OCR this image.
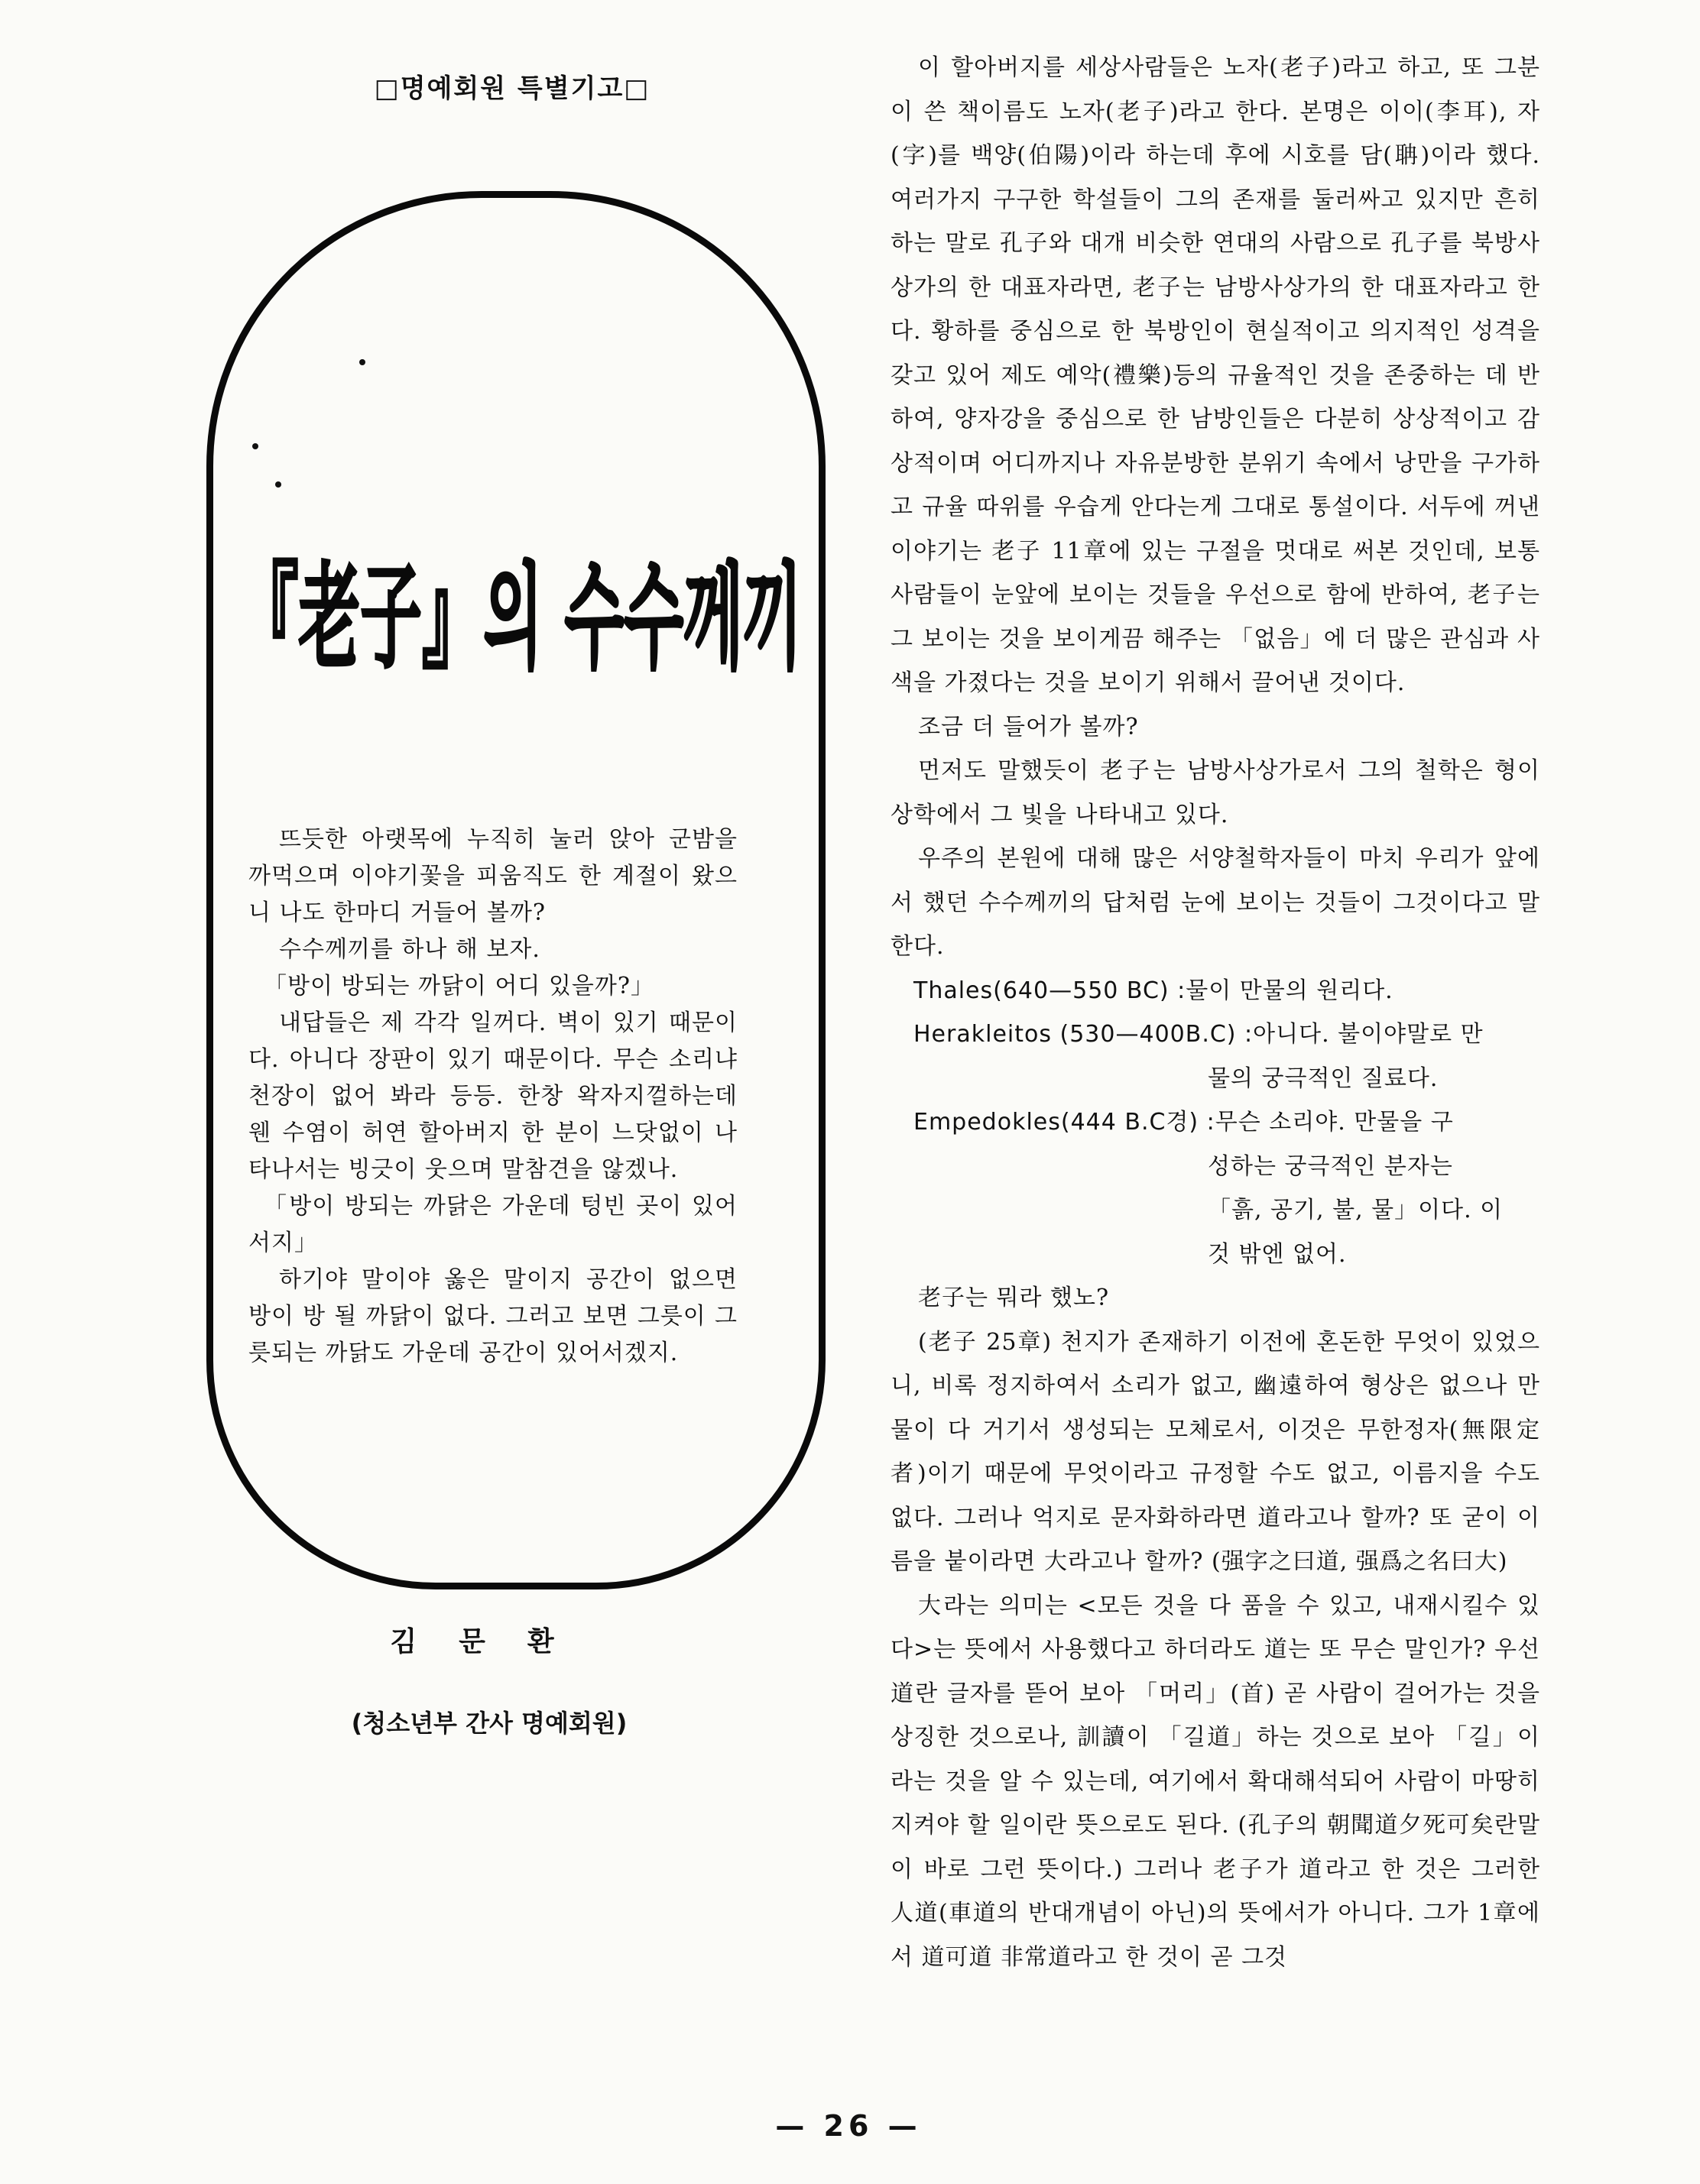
□명예회원 특별기고□
『老子』의 수수께끼

뜨듯한 아랫목에 누직히 눌러 앉아 군밤을 까먹으며 이야기꽃을 피움직도 한 계절이 왔으니 나도 한마디 거들어 볼까?

수수께끼를 하나 해 보자.

「방이 방되는 까닭이 어디 있을까?」

내답들은 제 각각 일꺼다. 벽이 있기 때문이다. 아니다 장판이 있기 때문이다. 무슨 소리냐 천장이 없어 봐라 등등. 한창 왁자지껄하는데 웬 수염이 허연 할아버지 한 분이 느닷없이 나타나서는 빙긋이 웃으며 말참견을 않겠나.

「방이 방되는 까닭은 가운데 텅빈 곳이 있어서지」

하기야 말이야 옳은 말이지 공간이 없으면 방이 방 될 까닭이 없다. 그러고 보면 그릇이 그릇되는 까닭도 가운데 공간이 있어서겠지.

김문환
(청소년부 간사 명예회원)

이 할아버지를 세상사람들은 노자(老子)라고 하고, 또 그분이 쓴 책이름도 노자(老子)라고 한다. 본명은 이이(李耳), 자(字)를 백양(伯陽)이라 하는데 후에 시호를 담(聃)이라 했다. 여러가지 구구한 학설들이 그의 존재를 둘러싸고 있지만 흔히 하는 말로 孔子와 대개 비슷한 연대의 사람으로 孔子를 북방사상가의 한 대표자라면, 老子는 남방사상가의 한 대표자라고 한다. 황하를 중심으로 한 북방인이 현실적이고 의지적인 성격을 갖고 있어 제도 예악(禮樂)등의 규율적인 것을 존중하는 데 반하여, 양자강을 중심으로 한 남방인들은 다분히 상상적이고 감상적이며 어디까지나 자유분방한 분위기 속에서 낭만을 구가하고 규율 따위를 우습게 안다는게 그대로 통설이다. 서두에 꺼낸 이야기는 老子 11章에 있는 구절을 멋대로 써본 것인데, 보통 사람들이 눈앞에 보이는 것들을 우선으로 함에 반하여, 老子는 그 보이는 것을 보이게끔 해주는 「없음」에 더 많은 관심과 사색을 가졌다는 것을 보이기 위해서 끌어낸 것이다.

조금 더 들어가 볼까?

먼저도 말했듯이 老子는 남방사상가로서 그의 철학은 형이상학에서 그 빛을 나타내고 있다.

우주의 본원에 대해 많은 서양철학자들이 마치 우리가 앞에서 했던 수수께끼의 답처럼 눈에 보이는 것들이 그것이다고 말한다.

Thales(640—550 BC) : 물이 만물의 원리다.
Herakleitos (530—400B.C) : 아니다. 불이야말로 만
물의 궁극적인 질료다.
Empedokles(444 B.C경) : 무슨 소리야. 만물을 구
성하는 궁극적인 분자는
「흙, 공기, 불, 물」이다. 이
것 밖엔 없어.

老子는 뭐라 했노?

(老子 25章) 천지가 존재하기 이전에 혼돈한 무엇이 있었으니, 비록 정지하여서 소리가 없고, 幽遠하여 형상은 없으나 만물이 다 거기서 생성되는 모체로서, 이것은 무한정자(無限定者)이기 때문에 무엇이라고 규정할 수도 없고, 이름지을 수도 없다. 그러나 억지로 문자화하라면 道라고나 할까? 또 굳이 이름을 붙이라면 大라고나 할까? (强字之曰道, 强爲之名曰大)

大라는 의미는 <모든 것을 다 품을 수 있고, 내재시킬수 있다>는 뜻에서 사용했다고 하더라도 道는 또 무슨 말인가? 우선 道란 글자를 뜯어 보아 「머리」(首) 곧 사람이 걸어가는 것을 상징한 것으로나, 訓讀이 「길道」하는 것으로 보아 「길」이라는 것을 알 수 있는데, 여기에서 확대해석되어 사람이 마땅히 지켜야 할 일이란 뜻으로도 된다. (孔子의 朝聞道夕死可矣란말이 바로 그런 뜻이다.) 그러나 老子가 道라고 한 것은 그러한 人道(車道의 반대개념이 아닌)의 뜻에서가 아니다. 그가 1章에서 道可道 非常道라고 한 것이 곧 그것

— 26 —
